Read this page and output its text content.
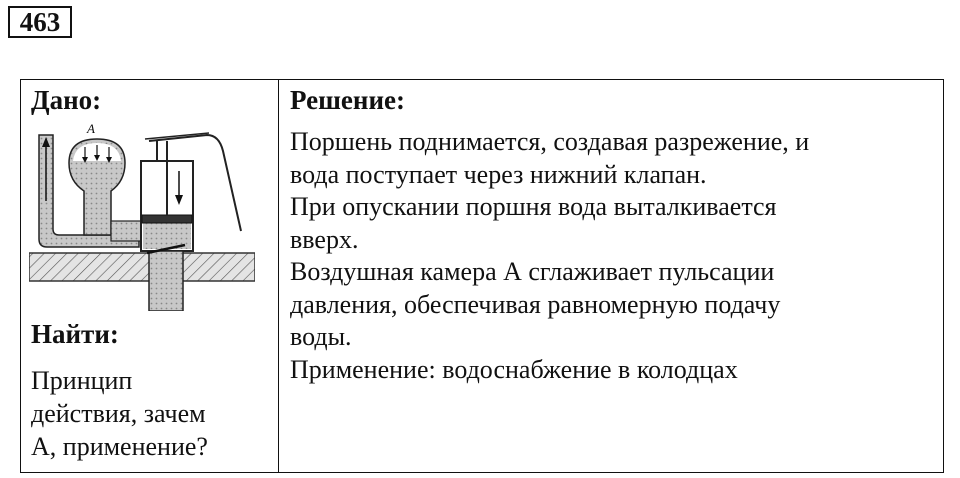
463

Дано:

A

Найти:

Принцип
действия, зачем
А, применение?

Решение:

Поршень поднимается, создавая разрежение, и
вода поступает через нижний клапан.
При опускании поршня вода выталкивается
вверх.
Воздушная камера А сглаживает пульсации
давления, обеспечивая равномерную подачу
воды.
Применение: водоснабжение в колодцах
